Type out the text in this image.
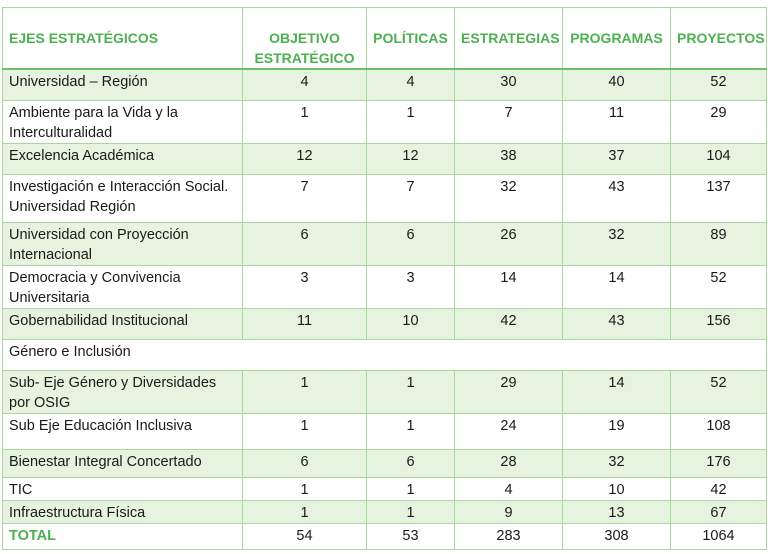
EJES ESTRATÉGICOS	OBJETIVO ESTRATÉGICO	POLÍTICAS	ESTRATEGIAS	PROGRAMAS	PROYECTOS
Universidad – Región	4	4	30	40	52
Ambiente para la Vida y la Interculturalidad	1	1	7	11	29
Excelencia Académica	12	12	38	37	104
Investigación e Interacción Social. Universidad Región	7	7	32	43	137
Universidad con Proyección Internacional	6	6	26	32	89
Democracia y Convivencia Universitaria	3	3	14	14	52
Gobernabilidad Institucional	11	10	42	43	156
Género e Inclusión					
Sub- Eje Género y Diversidades por OSIG	1	1	29	14	52
Sub Eje Educación Inclusiva	1	1	24	19	108
Bienestar Integral Concertado	6	6	28	32	176
TIC	1	1	4	10	42
Infraestructura Física	1	1	9	13	67
TOTAL	54	53	283	308	1064
